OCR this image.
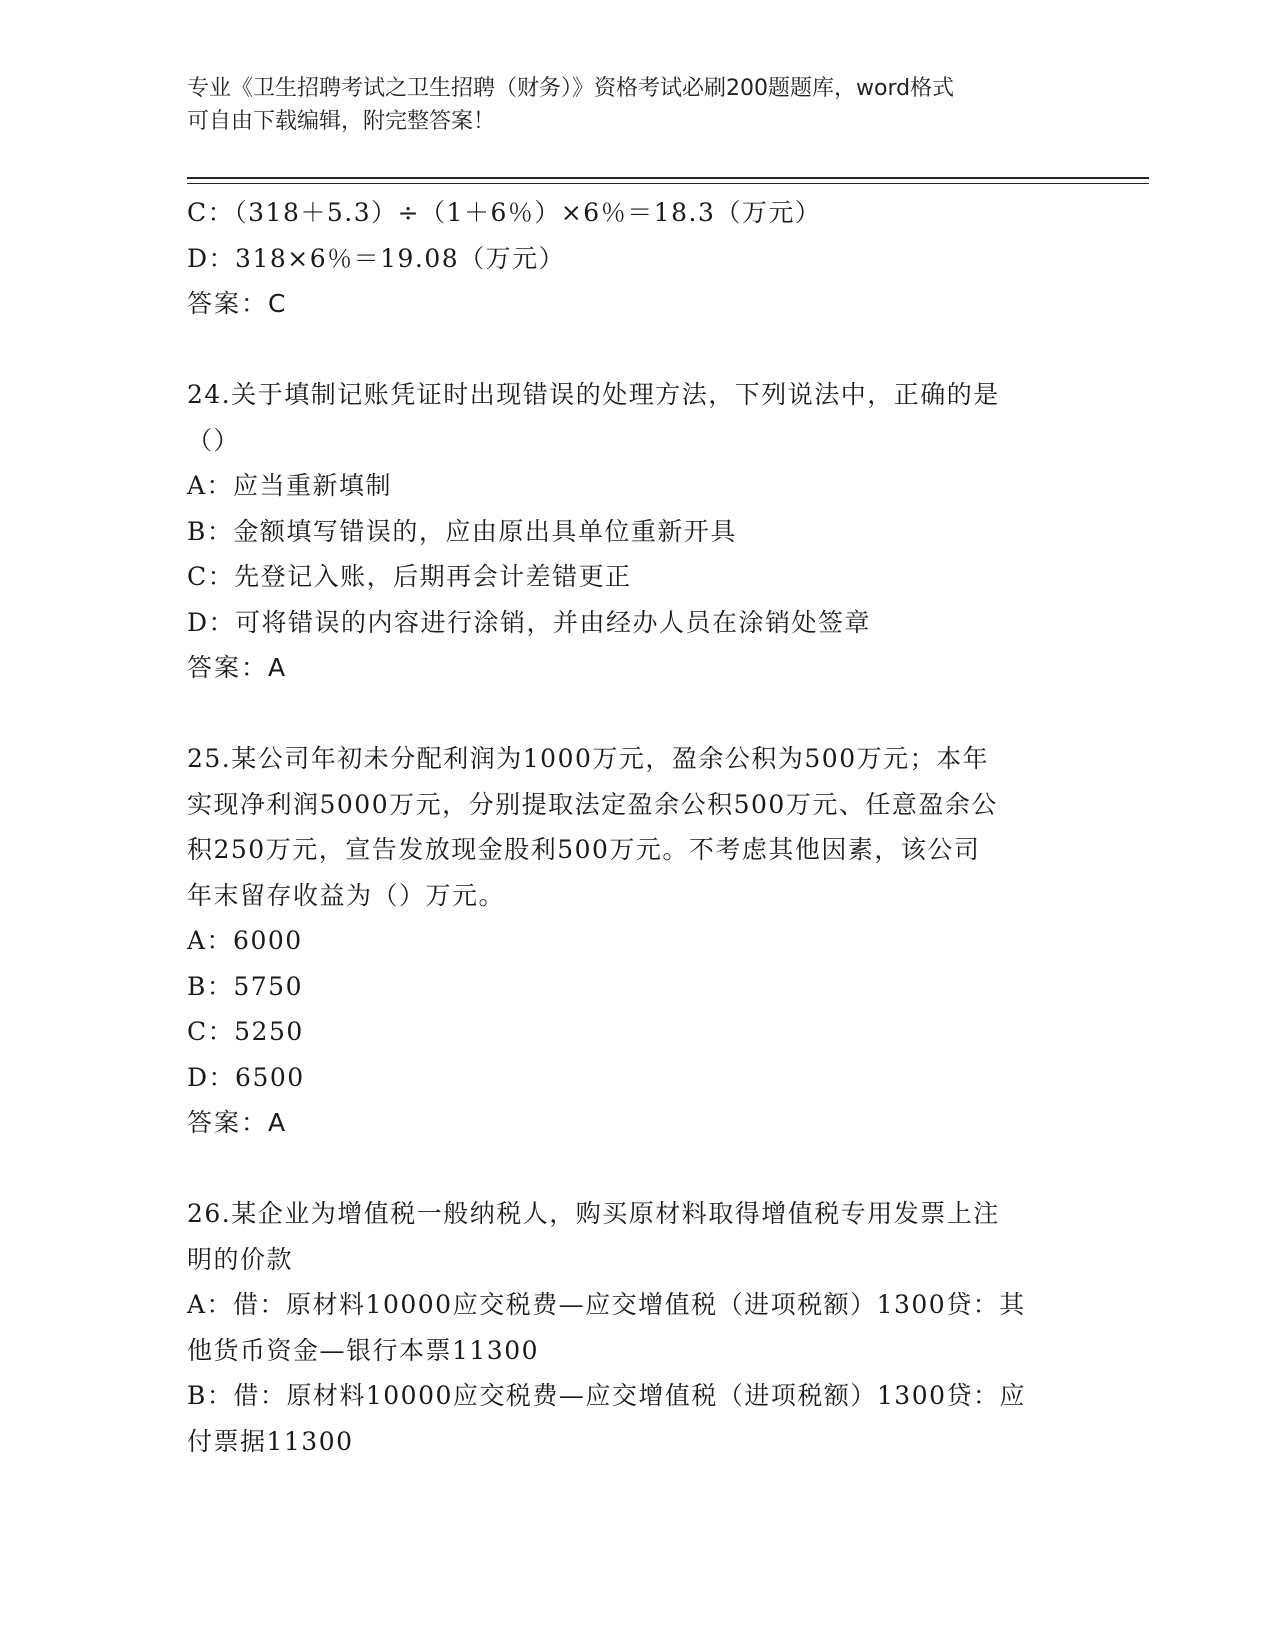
专业《卫生招聘考试之卫生招聘（财务）》资格考试必刷200题题库，word格式
可自由下载编辑，附完整答案！
C：（318＋5.3）÷（1＋6％）×6％＝18.3（万元）
D：318×6％＝19.08（万元）
答案：C
24.关于填制记账凭证时出现错误的处理方法，下列说法中，正确的是
（）
A：应当重新填制
B：金额填写错误的，应由原出具单位重新开具
C：先登记入账，后期再会计差错更正
D：可将错误的内容进行涂销，并由经办人员在涂销处签章
答案：A
25.某公司年初未分配利润为1000万元，盈余公积为500万元；本年
实现净利润5000万元，分别提取法定盈余公积500万元、任意盈余公
积250万元，宣告发放现金股利500万元。不考虑其他因素，该公司
年末留存收益为（）万元。
A：6000
B：5750
C：5250
D：6500
答案：A
26.某企业为增值税一般纳税人，购买原材料取得增值税专用发票上注
明的价款
A：借：原材料10000应交税费—应交增值税（进项税额）1300贷：其
他货币资金—银行本票11300
B：借：原材料10000应交税费—应交增值税（进项税额）1300贷：应
付票据11300
